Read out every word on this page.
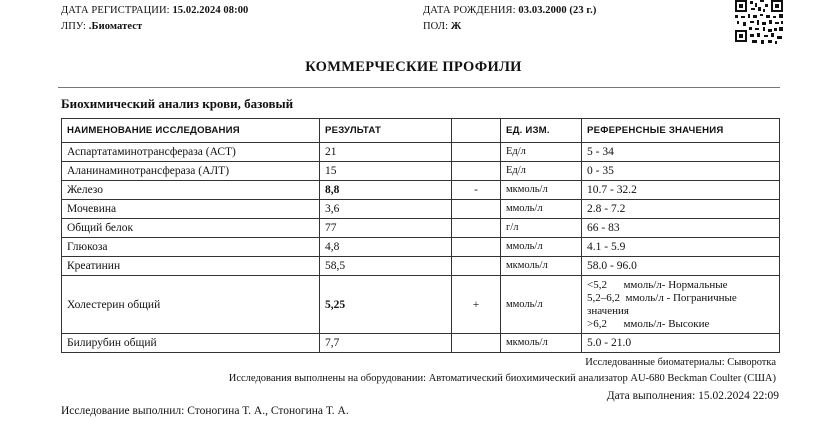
ДАТА РЕГИСТРАЦИИ: 15.02.2024 08:00
ЛПУ: .Биоматест
ДАТА РОЖДЕНИЯ: 03.03.2000 (23 г.)
ПОЛ: Ж
КОММЕРЧЕСКИЕ ПРОФИЛИ
Биохимический анализ крови, базовый
НАИМЕНОВАНИЕ ИССЛЕДОВАНИЯ	РЕЗУЛЬТАТ		ЕД. ИЗМ.	РЕФЕРЕНСНЫЕ ЗНАЧЕНИЯ
Аспартатаминотрансфераза (АСТ)	21		Ед/л	5 - 34
Аланинаминотрансфераза (АЛТ)	15		Ед/л	0 - 35
Железо	8,8	-	мкмоль/л	10.7 - 32.2
Мочевина	3,6		ммоль/л	2.8 - 7.2
Общий белок	77		г/л	66 - 83
Глюкоза	4,8		ммоль/л	4.1 - 5.9
Креатинин	58,5		мкмоль/л	58.0 - 96.0
Холестерин общий	5,25	+	ммоль/л	<5,2      ммоль/л- Нормальные
5,2–6,2  ммоль/л - Пограничные
значения
>6,2      ммоль/л- Высокие

Билирубин общий	7,7		мкмоль/л	5.0 - 21.0
Исследованные биоматериалы: Сыворотка
Исследования выполнены на оборудовании: Автоматический биохимический анализатор AU-680 Beckman Coulter (США)
Дата выполнения: 15.02.2024 22:09
Исследование выполнил: Стоногина Т. А., Стоногина Т. А.
